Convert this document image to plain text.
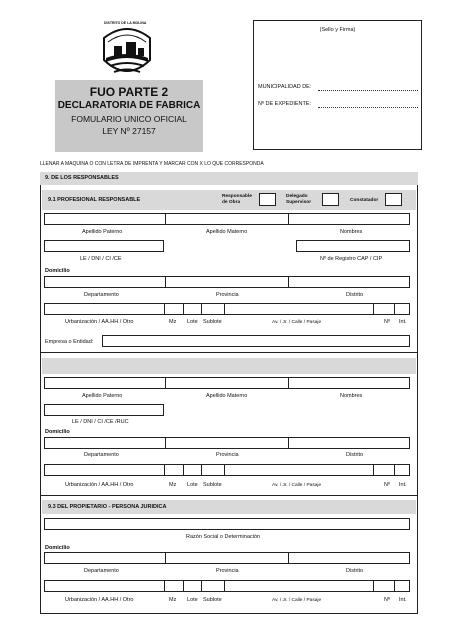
DISTRITO DE LA MOLINA
FUO PARTE 2
DECLARATORIA DE FABRICA
FOMULARIO UNICO OFICIAL
LEY Nº 27157
(Sello y Firma)
MUNICIPALIDAD DE:
Nº DE EXPEDIENTE:
LLENAR A MAQUINA O CON LETRA DE IMPRENTA Y MARCAR CON X LO QUE CORRESPONDA
9. DE LOS RESPONSABLES
9.1 PROFESIONAL RESPONSABLE
Responsable
de Obra
Delegado
Supervisor	Constatador
Apellido Paterno	Apellido Materno	Nombres
LE / DNI / CI /CE	Nº de Registro CAP / CIP
Domicilio
Departamento	Provincia	Distrito
Urbanización / AA.HH / Otro	Mz Lote Sublote	Av. / Jr. / Calle / Pasaje	Nº Int.
Empresa o Entidad:
Apellido Paterno	Apellido Materno	Nombres
LE / DNI / CI /CE /RUC
Domicilio
Departamento	Provincia	Distrito
Urbanización / AA.HH / Otro	Mz Lote Sublote	Av. / Jr. / Calle / Pasaje	Nº Int.
9.3 DEL PROPIETARIO - PERSONA JURIDICA
Razón Social o Determinación
Domicilio
Departamento	Provincia	Distrito
Urbanización / AA.HH / Otro	Mz Lote Sublote	Av. / Jr. / Calle / Pasaje	Nº Int.
